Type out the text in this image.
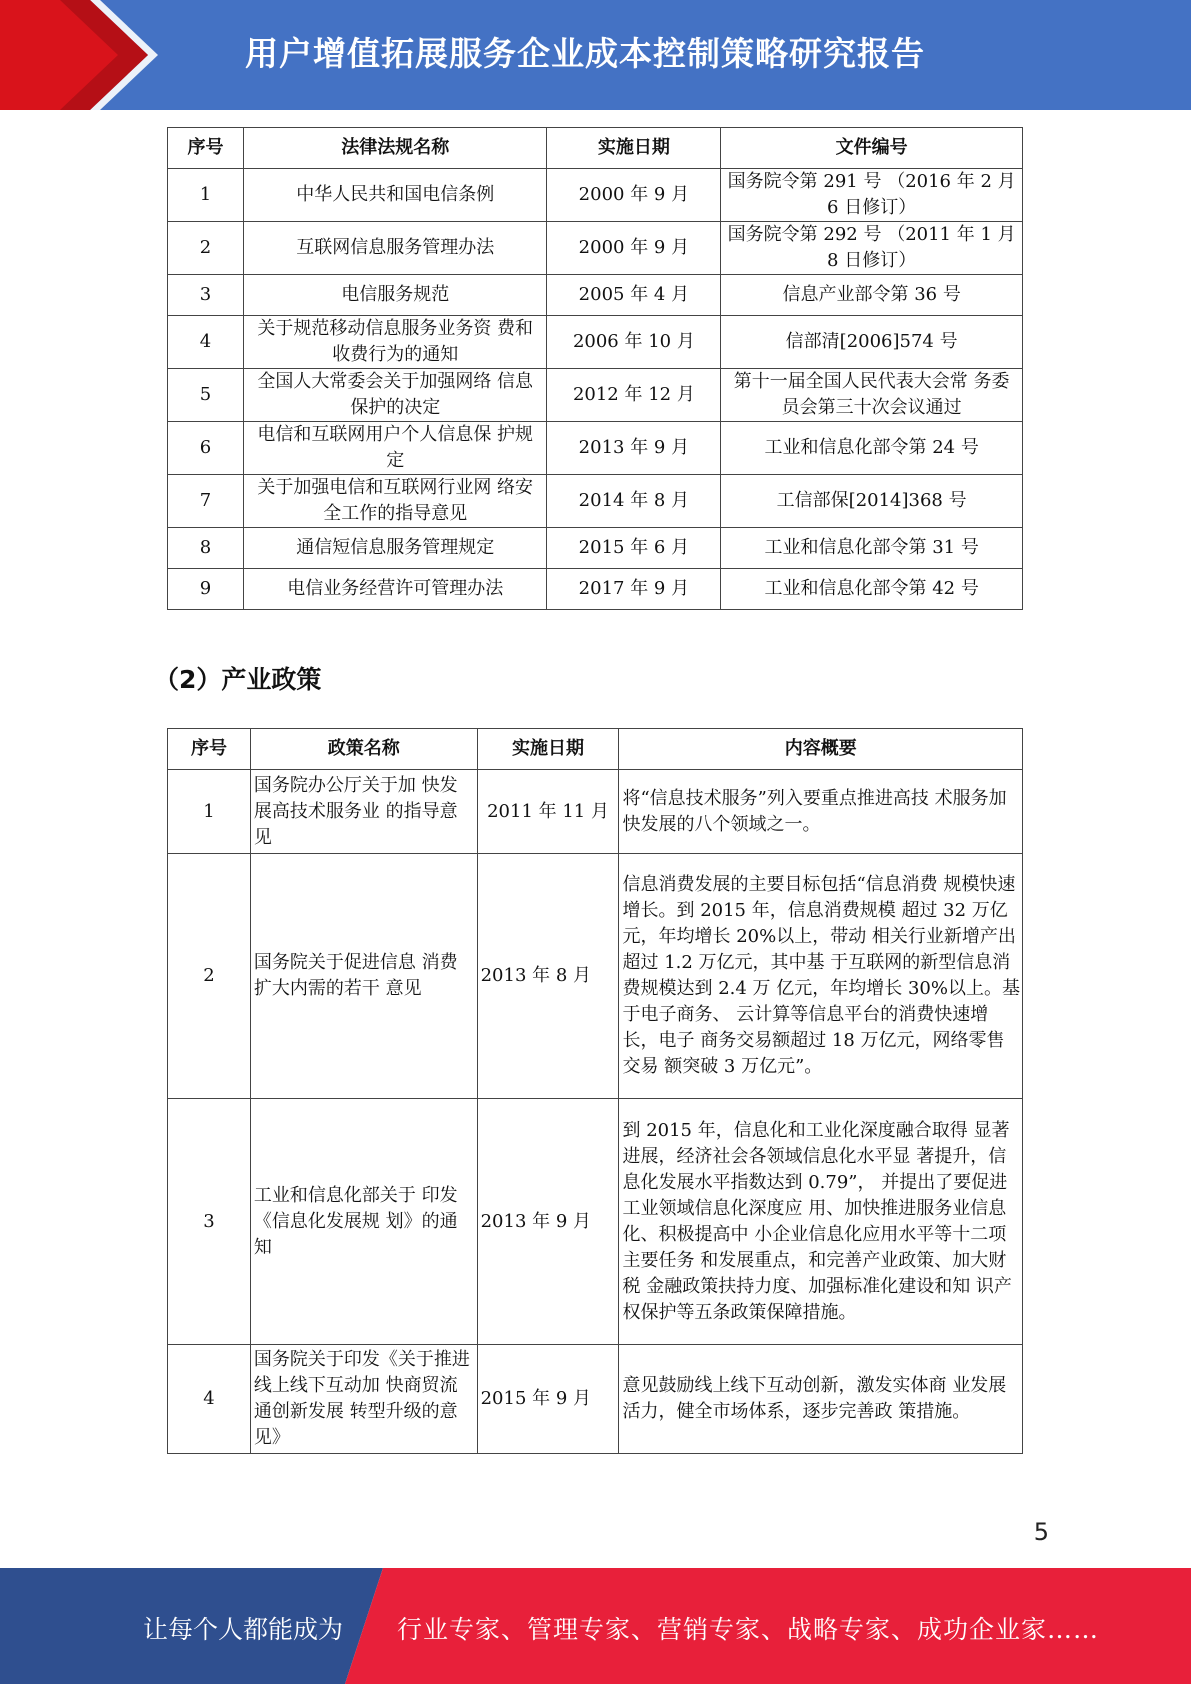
用户增值拓展服务企业成本控制策略研究报告
序号	法律法规名称	实施日期	文件编号
1	中华人民共和国电信条例	2000 年 9 月	国务院令第 291 号 （2016 年 2 月 6 日修订）
2	互联网信息服务管理办法	2000 年 9 月	国务院令第 292 号 （2011 年 1 月 8 日修订）
3	电信服务规范	2005 年 4 月	信息产业部令第 36 号
4	关于规范移动信息服务业务资 费和收费行为的通知	2006 年 10 月	信部清[2006]574 号
5	全国人大常委会关于加强网络 信息保护的决定	2012 年 12 月	第十一届全国人民代表大会常 务委员会第三十次会议通过
6	电信和互联网用户个人信息保 护规定	2013 年 9 月	工业和信息化部令第 24 号
7	关于加强电信和互联网行业网 络安全工作的指导意见	2014 年 8 月	工信部保[2014]368 号
8	通信短信息服务管理规定	2015 年 6 月	工业和信息化部令第 31 号
9	电信业务经营许可管理办法	2017 年 9 月	工业和信息化部令第 42 号
（2）产业政策
序号	政策名称	实施日期	内容概要
1	国务院办公厅关于加 快发展高技术服务业 的指导意见	2011 年 11 月	将“信息技术服务”列入要重点推进高技 术服务加快发展的八个领域之一。
2	国务院关于促进信息 消费扩大内需的若干 意见	2013 年 8 月	信息消费发展的主要目标包括“信息消费 规模快速增长。到 2015 年，信息消费规模 超过 32 万亿元，年均增长 20%以上，带动 相关行业新增产出超过 1.2 万亿元，其中基 于互联网的新型信息消费规模达到 2.4 万 亿元，年均增长 30%以上。基于电子商务、 云计算等信息平台的消费快速增长，电子 商务交易额超过 18 万亿元，网络零售交易 额突破 3 万亿元”。
3	工业和信息化部关于 印发《信息化发展规 划》的通知	2013 年 9 月	到 2015 年，信息化和工业化深度融合取得 显著进展，经济社会各领域信息化水平显 著提升，信息化发展水平指数达到 0.79”， 并提出了要促进工业领域信息化深度应 用、加快推进服务业信息化、积极提高中 小企业信息化应用水平等十二项主要任务 和发展重点，和完善产业政策、加大财税 金融政策扶持力度、加强标准化建设和知 识产权保护等五条政策保障措施。
4	国务院关于印发《关于推进线上线下互动加 快商贸流通创新发展 转型升级的意见》	2015 年 9 月	意见鼓励线上线下互动创新，激发实体商 业发展活力，健全市场体系，逐步完善政 策措施。
5
让每个人都能成为 行业专家、管理专家、营销专家、战略专家、成功企业家……
